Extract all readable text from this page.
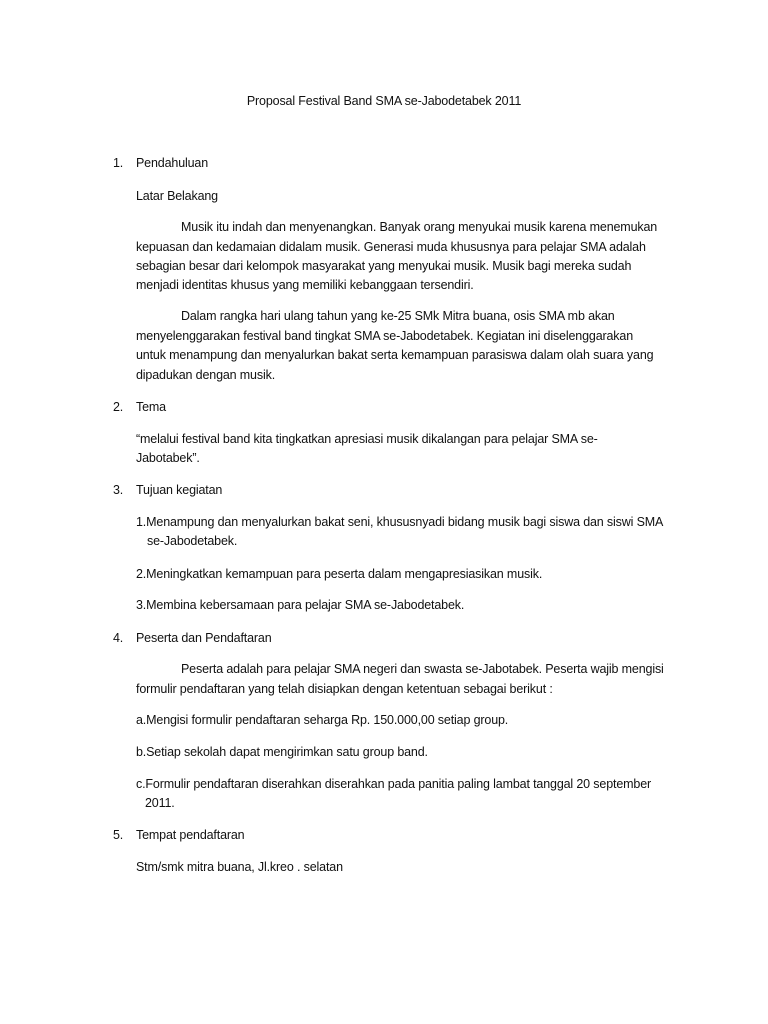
Proposal Festival Band SMA se-Jabodetabek 2011
1. Pendahuluan
Latar Belakang
Musik itu indah dan menyenangkan. Banyak orang menyukai musik karena menemukan
kepuasan dan kedamaian didalam musik. Generasi muda khususnya para pelajar SMA adalah
sebagian besar dari kelompok masyarakat yang menyukai musik. Musik bagi mereka sudah
menjadi identitas khusus yang memiliki kebanggaan tersendiri.
Dalam rangka hari ulang tahun yang ke-25 SMk Mitra buana, osis SMA mb akan
menyelenggarakan festival band tingkat SMA se-Jabodetabek. Kegiatan ini diselenggarakan
untuk menampung dan menyalurkan bakat serta kemampuan parasiswa dalam olah suara yang
dipadukan dengan musik.
2. Tema
“melalui festival band kita tingkatkan apresiasi musik dikalangan para pelajar SMA se-
Jabotabek”.
3. Tujuan kegiatan
1.Menampung dan menyalurkan bakat seni, khususnyadi bidang musik bagi siswa dan siswi SMA
se-Jabodetabek.
2.Meningkatkan kemampuan para peserta dalam mengapresiasikan musik.
3.Membina kebersamaan para pelajar SMA se-Jabodetabek.
4. Peserta dan Pendaftaran
Peserta adalah para pelajar SMA negeri dan swasta se-Jabotabek. Peserta wajib mengisi
formulir pendaftaran yang telah disiapkan dengan ketentuan sebagai berikut :
a.Mengisi formulir pendaftaran seharga Rp. 150.000,00 setiap group.
b.Setiap sekolah dapat mengirimkan satu group band.
c.Formulir pendaftaran diserahkan diserahkan pada panitia paling lambat tanggal 20 september
2011.
5. Tempat pendaftaran
Stm/smk mitra buana, Jl.kreo . selatan
